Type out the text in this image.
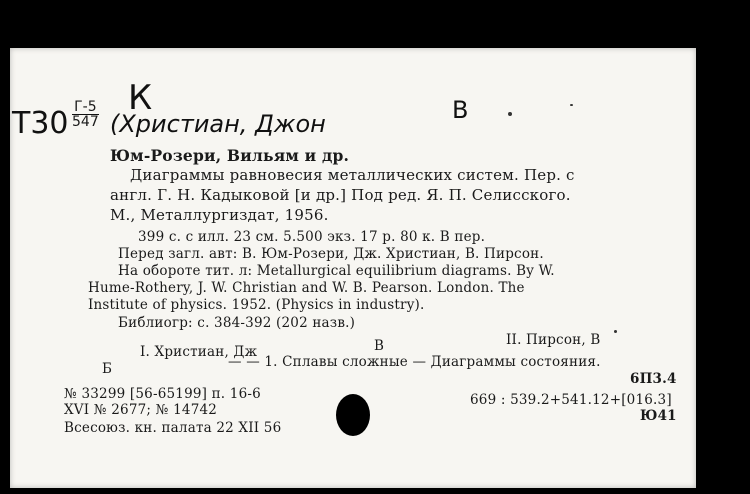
Т30 Г-5
547
К
(Христиан, Джон	В
Юм-Розери, Вильям и др.
Диаграммы равновесия металлических систем. Пер. с
англ. Г. Н. Кадыковой [и др.] Под ред. Я. П. Селисского.
М., Металлургиздат, 1956.
399 с. с илл. 23 см. 5.500 экз. 17 р. 80 к. В пер.
Перед загл. авт: В. Юм-Розери, Дж. Христиан, В. Пирсон.
На обороте тит. л: Metallurgical equilibrium diagrams. By W.
Hume-Rothery, J. W. Christian and W. B. Pearson. London. The
Institute of physics. 1952. (Physics in industry).
Библиогр: с. 384-392 (202 назв.)
II. Пирсон, В
В
I. Христиан, Дж
Б	— — 1. Сплавы сложные — Диаграммы состояния.
6П3.4
№ 33299 [56-65199] п. 16-6
XVI № 2677; № 14742
669 : 539.2+541.12+[016.3]
Всесоюз. кн. палата 22 XII 56
Ю41
